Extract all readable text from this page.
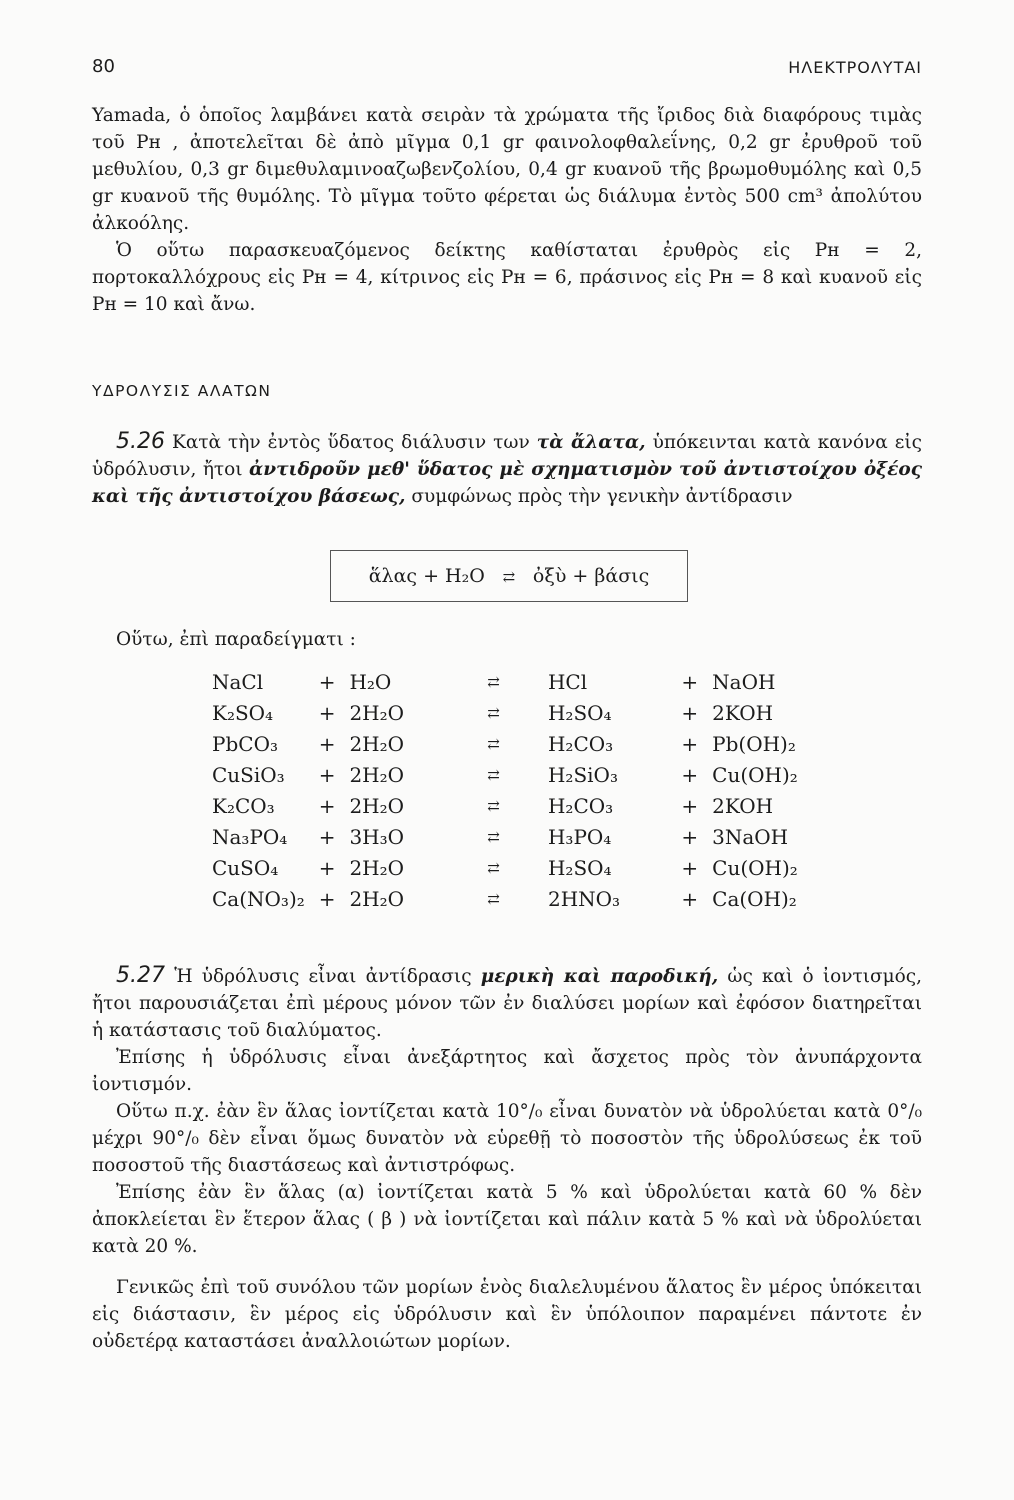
80	ΗΛΕΚΤΡΟΛΥΤΑΙ

Yamada, ὁ ὁποῖος λαμβάνει κατὰ σειρὰν τὰ χρώματα τῆς ἴριδος διὰ διαφόρους τιμὰς τοῦ Pʜ , ἀποτελεῖται δὲ ἀπὸ μῖγμα 0,1 gr φαινολοφθαλεΐνης, 0,2 gr ἐρυθροῦ τοῦ μεθυλίου, 0,3 gr διμεθυλαμινοαζωβενζολίου, 0,4 gr κυανοῦ τῆς βρωμοθυμόλης καὶ 0,5 gr κυανοῦ τῆς θυμόλης. Τὸ μῖγμα τοῦτο φέρεται ὡς διάλυμα ἐντὸς 500 cm³ ἀπολύτου ἀλκοόλης.

Ὁ οὕτω παρασκευαζόμενος δείκτης καθίσταται ἐρυθρὸς εἰς Pʜ = 2, πορτοκαλλόχρους εἰς Pʜ = 4, κίτρινος εἰς Pʜ = 6, πράσινος εἰς Pʜ = 8 καὶ κυανοῦ εἰς Pʜ = 10 καὶ ἄνω.

ΥΔΡΟΛΥΣΙΣ ΑΛΑΤΩΝ

5.26 Κατὰ τὴν ἐντὸς ὕδατος διάλυσιν των τὰ ἄλατα, ὑπόκεινται κατὰ κανόνα εἰς ὑδρόλυσιν, ἤτοι ἀντιδροῦν μεθ' ὕδατος μὲ σχηματισμὸν τοῦ ἀντιστοίχου ὀξέος καὶ τῆς ἀντιστοίχου βάσεως, συμφώνως πρὸς τὴν γενικὴν ἀντίδρασιν

ἅλας + H₂O ⇄ ὀξὺ + βάσις

Οὕτω, ἐπὶ παραδείγματι :

NaCl	+	H₂O	⇄	HCl	+	NaOH
K₂SO₄	+	2H₂O	⇄	H₂SO₄	+	2KOH
PbCO₃	+	2H₂O	⇄	H₂CO₃	+	Pb(OH)₂
CuSiO₃	+	2H₂O	⇄	H₂SiO₃	+	Cu(OH)₂
K₂CO₃	+	2H₂O	⇄	H₂CO₃	+	2KOH
Na₃PO₄	+	3H₃O	⇄	H₃PO₄	+	3NaOH
CuSO₄	+	2H₂O	⇄	H₂SO₄	+	Cu(OH)₂
Ca(NO₃)₂	+	2H₂O	⇄	2HNO₃	+	Ca(OH)₂

5.27 Ἡ ὑδρόλυσις εἶναι ἀντίδρασις μερικὴ καὶ παροδική, ὡς καὶ ὁ ἰοντισμός, ἤτοι παρουσιάζεται ἐπὶ μέρους μόνον τῶν ἐν διαλύσει μορίων καὶ ἐφόσον διατηρεῖται ἡ κατάστασις τοῦ διαλύματος.

Ἐπίσης ἡ ὑδρόλυσις εἶναι ἀνεξάρτητος καὶ ἄσχετος πρὸς τὸν ἀνυπάρχοντα ἰοντισμόν.

Οὕτω π.χ. ἐὰν ἓν ἅλας ἰοντίζεται κατὰ 10°/₀ εἶναι δυνατὸν νὰ ὑδρολύεται κατὰ 0°/₀ μέχρι 90°/₀ δὲν εἶναι ὅμως δυνατὸν νὰ εὑρεθῇ τὸ ποσοστὸν τῆς ὑδρολύσεως ἐκ τοῦ ποσοστοῦ τῆς διαστάσεως καὶ ἀντιστρόφως.

Ἐπίσης ἐὰν ἓν ἅλας (α) ἰοντίζεται κατὰ 5 % καὶ ὑδρολύεται κατὰ 60 % δὲν ἀποκλείεται ἓν ἕτερον ἅλας ( β ) νὰ ἰοντίζεται καὶ πάλιν κατὰ 5 % καὶ νὰ ὑδρολύεται κατὰ 20 %.

Γενικῶς ἐπὶ τοῦ συνόλου τῶν μορίων ἑνὸς διαλελυμένου ἅλατος ἓν μέρος ὑπόκειται εἰς διάστασιν, ἓν μέρος εἰς ὑδρόλυσιν καὶ ἓν ὑπόλοιπον παραμένει πάντοτε ἐν οὐδετέρᾳ καταστάσει ἀναλλοιώτων μορίων.
